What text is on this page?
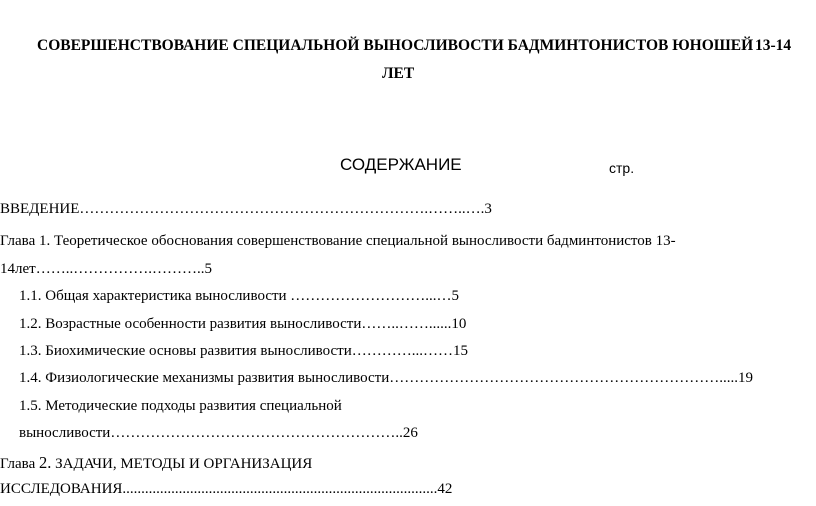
СОВЕРШЕНСТВОВАНИЕ СПЕЦИАЛЬНОЙ ВЫНОСЛИВОСТИ БАДМИНТОНИСТОВ ЮНОШЕЙ 13-14
ЛЕТ
СОДЕРЖАНИЕ	стр.
ВВЕДЕНИЕ…………………………………………………………….……..….3
Глава 1. Теоретическое обоснования совершенствование специальной выносливости бадминтонистов 13-
14лет……..…………….………..5
1.1. Общая характеристика выносливости ………………………...…5
1.2. Возрастные особенности развития выносливости……..……......10
1.3. Биохимические основы развития выносливости…………...……15
1.4. Физиологические механизмы развития выносливости………………………………………………………….....19
1.5. Методические подходы развития специальной
выносливости…………………………………………………..26
Глава 2. ЗАДАЧИ, МЕТОДЫ И ОРГАНИЗАЦИЯ
ИССЛЕДОВАНИЯ....................................................................................42
